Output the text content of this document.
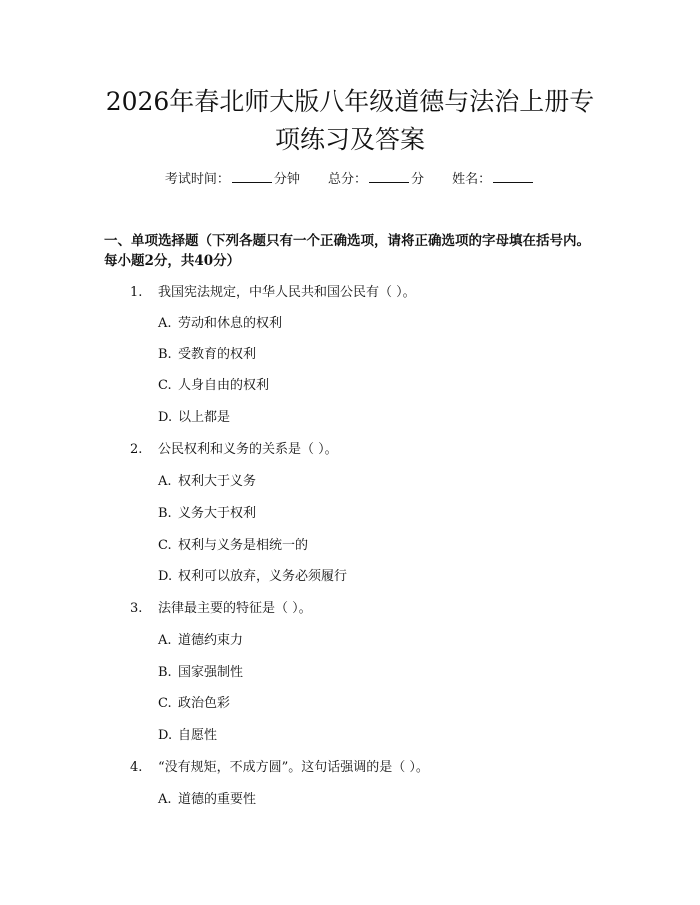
2026年春北师大版八年级道德与法治上册专
项练习及答案
考试时间：	分钟 总分：	分 姓名：
一、单项选择题（下列各题只有一个正确选项，请将正确选项的字母填在括号内。每小题2分，共40分）
1. 我国宪法规定，中华人民共和国公民有（ ）。
A. 劳动和休息的权利
B. 受教育的权利
C. 人身自由的权利
D. 以上都是
2. 公民权利和义务的关系是（ ）。
A. 权利大于义务
B. 义务大于权利
C. 权利与义务是相统一的
D. 权利可以放弃，义务必须履行
3. 法律最主要的特征是（ ）。
A. 道德约束力
B. 国家强制性
C. 政治色彩
D. 自愿性
4. “没有规矩，不成方圆”。这句话强调的是（ ）。
A. 道德的重要性
